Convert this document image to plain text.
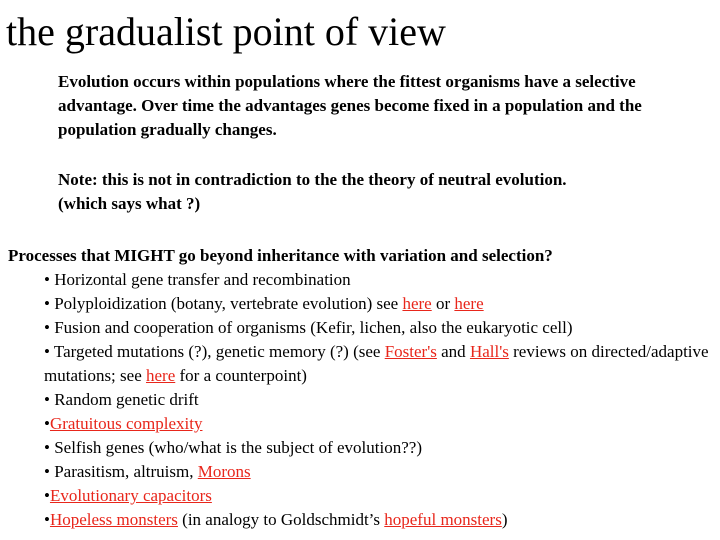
the gradualist point of view

Evolution occurs within populations where the fittest organisms have a selective advantage. Over time the advantages genes become fixed in a population and the population gradually changes.

Note: this is not in contradiction to the the theory of neutral evolution.

(which says what ?)

Processes that MIGHT go beyond inheritance with variation and selection?

• Horizontal gene transfer and recombination
• Polyploidization (botany, vertebrate evolution) see here or here
• Fusion and cooperation of organisms (Kefir, lichen, also the eukaryotic cell)
• Targeted mutations (?), genetic memory (?) (see Foster's and Hall's reviews on directed/adaptive mutations; see here for a counterpoint)
• Random genetic drift
•Gratuitous complexity
• Selfish genes (who/what is the subject of evolution??)
• Parasitism, altruism, Morons
•Evolutionary capacitors
•Hopeless monsters (in analogy to Goldschmidt’s hopeful monsters)
